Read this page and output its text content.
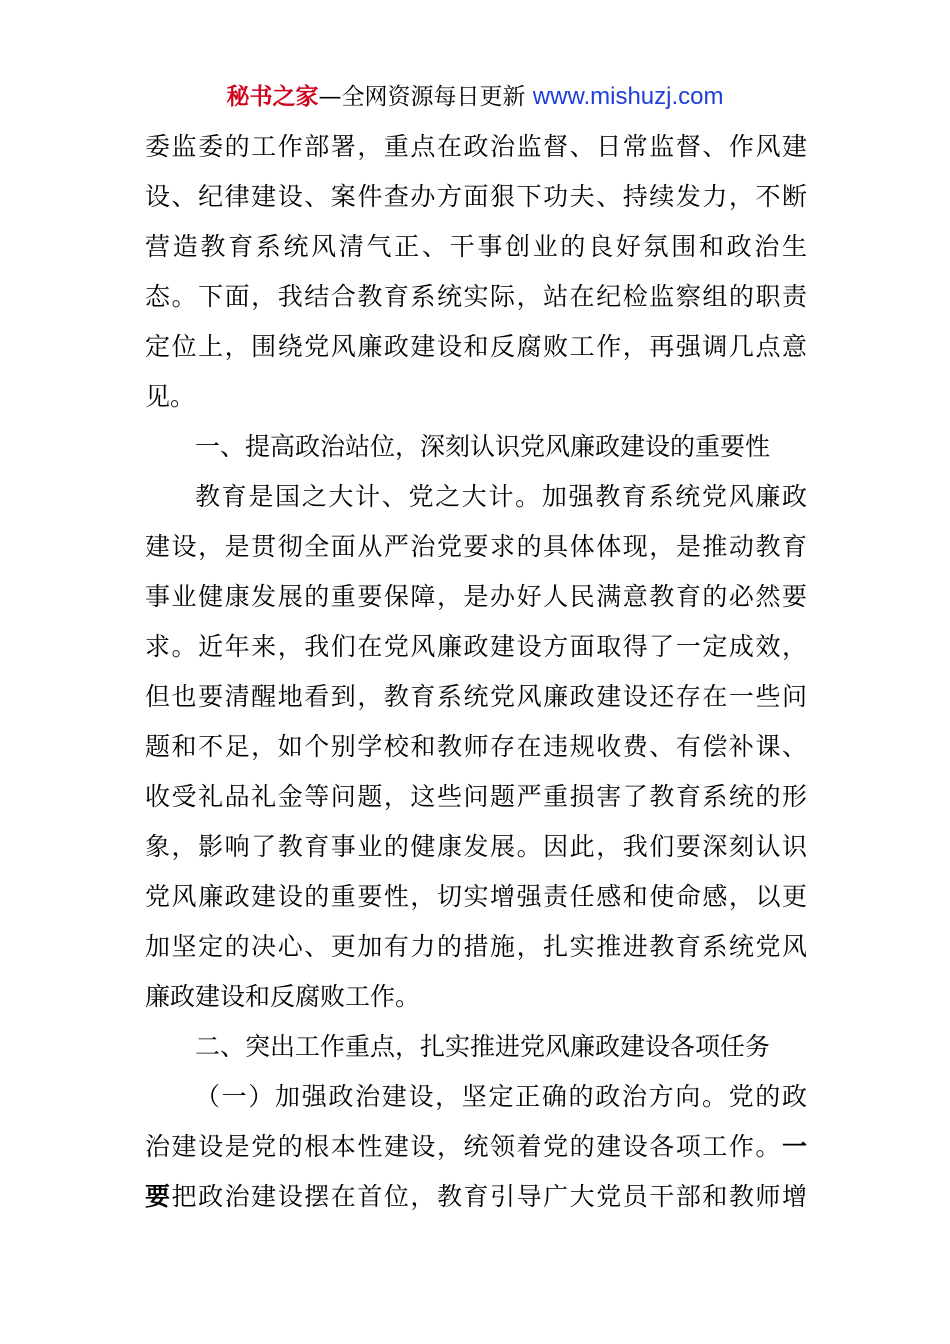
秘书之家—全网资源每日更新 www.mishuzj.com
委监委的工作部署，重点在政治监督、日常监督、作风建
设、纪律建设、案件查办方面狠下功夫、持续发力，不断
营造教育系统风清气正、干事创业的良好氛围和政治生
态。下面，我结合教育系统实际，站在纪检监察组的职责
定位上，围绕党风廉政建设和反腐败工作，再强调几点意
见。
一、提高政治站位，深刻认识党风廉政建设的重要性
教育是国之大计、党之大计。加强教育系统党风廉政
建设，是贯彻全面从严治党要求的具体体现，是推动教育
事业健康发展的重要保障，是办好人民满意教育的必然要
求。近年来，我们在党风廉政建设方面取得了一定成效，
但也要清醒地看到，教育系统党风廉政建设还存在一些问
题和不足，如个别学校和教师存在违规收费、有偿补课、
收受礼品礼金等问题，这些问题严重损害了教育系统的形
象，影响了教育事业的健康发展。因此，我们要深刻认识
党风廉政建设的重要性，切实增强责任感和使命感，以更
加坚定的决心、更加有力的措施，扎实推进教育系统党风
廉政建设和反腐败工作。
二、突出工作重点，扎实推进党风廉政建设各项任务
（一）加强政治建设，坚定正确的政治方向。党的政
治建设是党的根本性建设，统领着党的建设各项工作。一
要把政治建设摆在首位，教育引导广大党员干部和教师增
